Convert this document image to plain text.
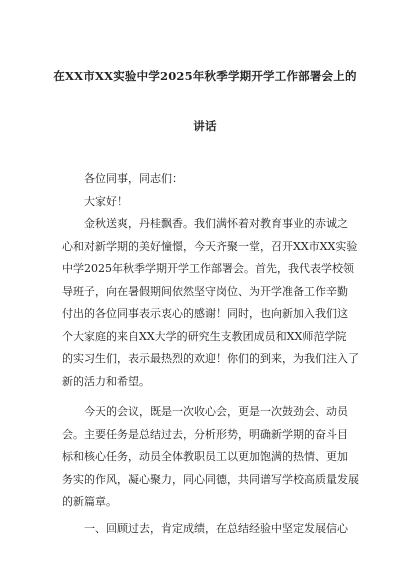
在XX市XX实验中学2025年秋季学期开学工作部署会上的
讲话
各位同事，同志们：
大家好！
金秋送爽，丹桂飘香。我们满怀着对教育事业的赤诚之
心和对新学期的美好憧憬，今天齐聚一堂，召开XX市XX实验
中学2025年秋季学期开学工作部署会。首先，我代表学校领
导班子，向在暑假期间依然坚守岗位、为开学准备工作辛勤
付出的各位同事表示衷心的感谢！同时，也向新加入我们这
个大家庭的来自XX大学的研究生支教团成员和XX师范学院
的实习生们，表示最热烈的欢迎！你们的到来，为我们注入了
新的活力和希望。
今天的会议，既是一次收心会，更是一次鼓劲会、动员
会。主要任务是总结过去，分析形势，明确新学期的奋斗目
标和核心任务，动员全体教职员工以更加饱满的热情、更加
务实的作风，凝心聚力，同心同德，共同谱写学校高质量发展
的新篇章。
一、回顾过去，肯定成绩，在总结经验中坚定发展信心
